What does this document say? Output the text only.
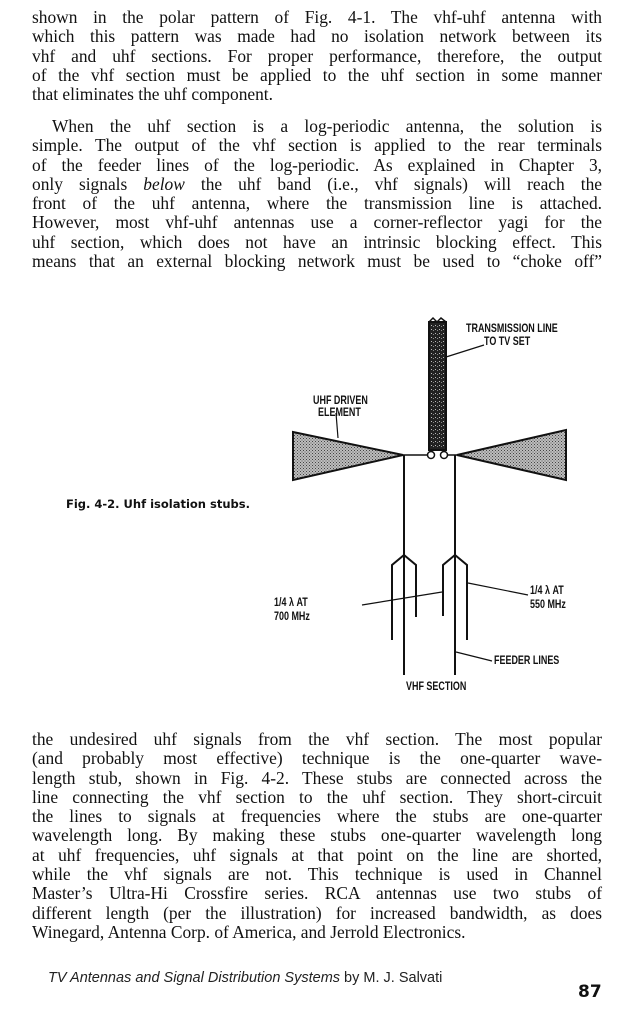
shown in the polar pattern of Fig. 4-1. The vhf-uhf antenna with
which this pattern was made had no isolation network between its
vhf and uhf sections. For proper performance, therefore, the output
of the vhf section must be applied to the uhf section in some manner
that eliminates the uhf component.
When the uhf section is a log-periodic antenna, the solution is
simple. The output of the vhf section is applied to the rear terminals
of the feeder lines of the log-periodic. As explained in Chapter 3,
only signals below the uhf band (i.e., vhf signals) will reach the
front of the uhf antenna, where the transmission line is attached.
However, most vhf-uhf antennas use a corner-reflector yagi for the
uhf section, which does not have an intrinsic blocking effect. This
means that an external blocking network must be used to “choke off”
Fig. 4-2. Uhf isolation stubs.
TRANSMISSION LINE
TO TV SET
UHF DRIVEN
ELEMENT
1/4 λ AT
700 MHz
1/4 λ AT
550 MHz
FEEDER LINES
VHF SECTION
the undesired uhf signals from the vhf section. The most popular
(and probably most effective) technique is the one-quarter wave-
length stub, shown in Fig. 4-2. These stubs are connected across the
line connecting the vhf section to the uhf section. They short-circuit
the lines to signals at frequencies where the stubs are one-quarter
wavelength long. By making these stubs one-quarter wavelength long
at uhf frequencies, uhf signals at that point on the line are shorted,
while the vhf signals are not. This technique is used in Channel
Master’s Ultra-Hi Crossfire series. RCA antennas use two stubs of
different length (per the illustration) for increased bandwidth, as does
Winegard, Antenna Corp. of America, and Jerrold Electronics.
TV Antennas and Signal Distribution Systems by M. J. Salvati
87
